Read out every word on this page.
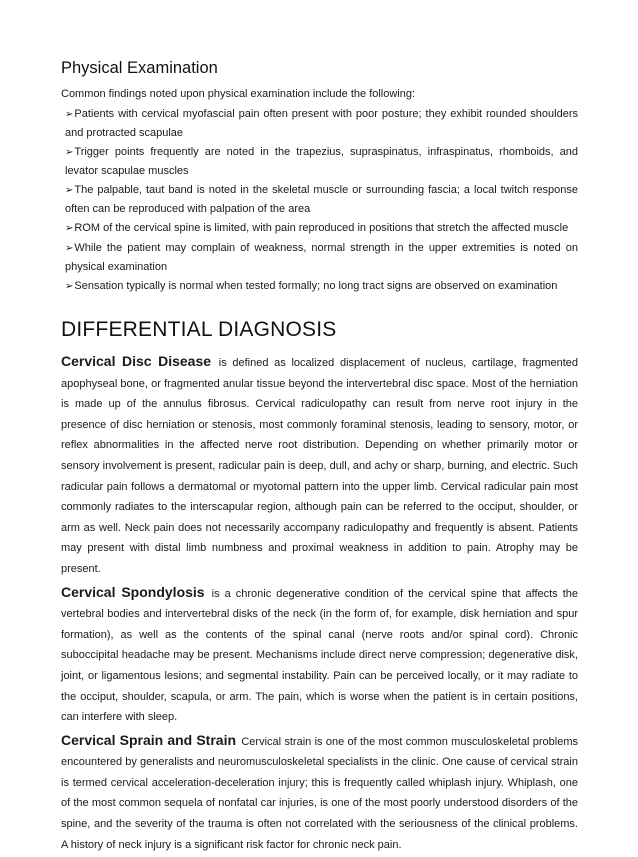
Physical Examination

Common findings noted upon physical examination include the following:

➢Patients with cervical myofascial pain often present with poor posture; they exhibit rounded shoulders and protracted scapulae
➢Trigger points frequently are noted in the trapezius, supraspinatus, infraspinatus, rhomboids, and levator scapulae muscles
➢The palpable, taut band is noted in the skeletal muscle or surrounding fascia; a local twitch response often can be reproduced with palpation of the area
➢ROM of the cervical spine is limited, with pain reproduced in positions that stretch the affected muscle
➢While the patient may complain of weakness, normal strength in the upper extremities is noted on physical examination
➢Sensation typically is normal when tested formally; no long tract signs are observed on examination
DIFFERENTIAL DIAGNOSIS

Cervical Disc Disease is defined as localized displacement of nucleus, cartilage, fragmented apophyseal bone, or fragmented anular tissue beyond the intervertebral disc space. Most of the herniation is made up of the annulus fibrosus. Cervical radiculopathy can result from nerve root injury in the presence of disc herniation or stenosis, most commonly foraminal stenosis, leading to sensory, motor, or reflex abnormalities in the affected nerve root distribution. Depending on whether primarily motor or sensory involvement is present, radicular pain is deep, dull, and achy or sharp, burning, and electric. Such radicular pain follows a dermatomal or myotomal pattern into the upper limb. Cervical radicular pain most commonly radiates to the interscapular region, although pain can be referred to the occiput, shoulder, or arm as well. Neck pain does not necessarily accompany radiculopathy and frequently is absent. Patients may present with distal limb numbness and proximal weakness in addition to pain. Atrophy may be present.

Cervical Spondylosis is a chronic degenerative condition of the cervical spine that affects the vertebral bodies and intervertebral disks of the neck (in the form of, for example, disk herniation and spur formation), as well as the contents of the spinal canal (nerve roots and/or spinal cord). Chronic suboccipital headache may be present. Mechanisms include direct nerve compression; degenerative disk, joint, or ligamentous lesions; and segmental instability. Pain can be perceived locally, or it may radiate to the occiput, shoulder, scapula, or arm. The pain, which is worse when the patient is in certain positions, can interfere with sleep.

Cervical Sprain and Strain Cervical strain is one of the most common musculoskeletal problems encountered by generalists and neuromusculoskeletal specialists in the clinic. One cause of cervical strain is termed cervical acceleration-deceleration injury; this is frequently called whiplash injury. Whiplash, one of the most common sequela of nonfatal car injuries, is one of the most poorly understood disorders of the spine, and the severity of the trauma is often not correlated with the seriousness of the clinical problems. A history of neck injury is a significant risk factor for chronic neck pain.
